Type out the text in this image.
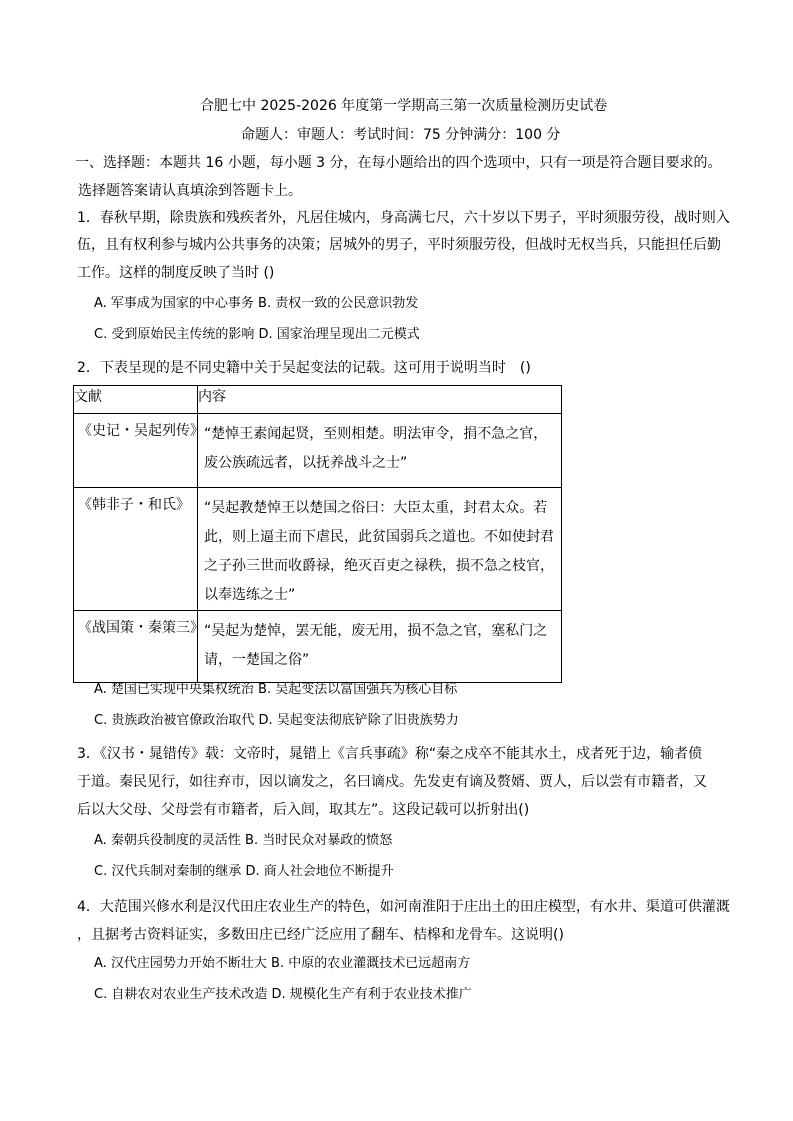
合肥七中 2025-2026 年度第一学期高三第一次质量检测历史试卷
命题人：审题人：考试时间：75 分钟满分：100 分
一、选择题：本题共 16 小题，每小题 3 分，在每小题给出的四个选项中，只有一项是符合题目要求的。
选择题答案请认真填涂到答题卡上。
1．春秋早期，除贵族和残疾者外，凡居住城内，身高满七尺，六十岁以下男子，平时须服劳役，战时则入
伍，且有权利参与城内公共事务的决策；居城外的男子，平时须服劳役，但战时无权当兵，只能担任后勤
工作。这样的制度反映了当时 ()
A. 军事成为国家的中心事务 B. 责权一致的公民意识勃发
C. 受到原始民主传统的影响 D. 国家治理呈现出二元模式
2．下表呈现的是不同史籍中关于吴起变法的记载。这可用于说明当时　()
文献	内容

《史记・吴起列传》	“楚悼王素闻起贤，至则相楚。明法审令，捐不急之官，废公族疏远者，以抚养战斗之士”

《韩非子・和氏》	“吴起教楚悼王以楚国之俗曰：大臣太重，封君太众。若此，则上逼主而下虐民，此贫国弱兵之道也。不如使封君之子孙三世而收爵禄，绝灭百吏之禄秩，损不急之枝官，以奉选练之士”

《战国策・秦策三》	“吴起为楚悼，罢无能，废无用，损不急之官，塞私门之请，一楚国之俗”
A. 楚国已实现中央集权统治 B. 吴起变法以富国强兵为核心目标
C. 贵族政治被官僚政治取代 D. 吴起变法彻底铲除了旧贵族势力
3．《汉书・晁错传》载：文帝时，晁错上《言兵事疏》称“秦之戍卒不能其水土，戍者死于边，输者偾
于道。秦民见行，如往弃市，因以谪发之，名曰谪戍。先发吏有谪及赘婿、贾人，后以尝有市籍者，又
后以大父母、父母尝有市籍者，后入闾，取其左”。这段记载可以折射出()
A. 秦朝兵役制度的灵活性 B. 当时民众对暴政的愤怒
C. 汉代兵制对秦制的继承 D. 商人社会地位不断提升
4．大范围兴修水利是汉代田庄农业生产的特色，如河南淮阳于庄出土的田庄模型，有水井、渠道可供灌溉
，且据考古资料证实，多数田庄已经广泛应用了翻车、桔槔和龙骨车。这说明()
A. 汉代庄园势力开始不断壮大 B. 中原的农业灌溉技术已远超南方
C. 自耕农对农业生产技术改造 D. 规模化生产有利于农业技术推广
